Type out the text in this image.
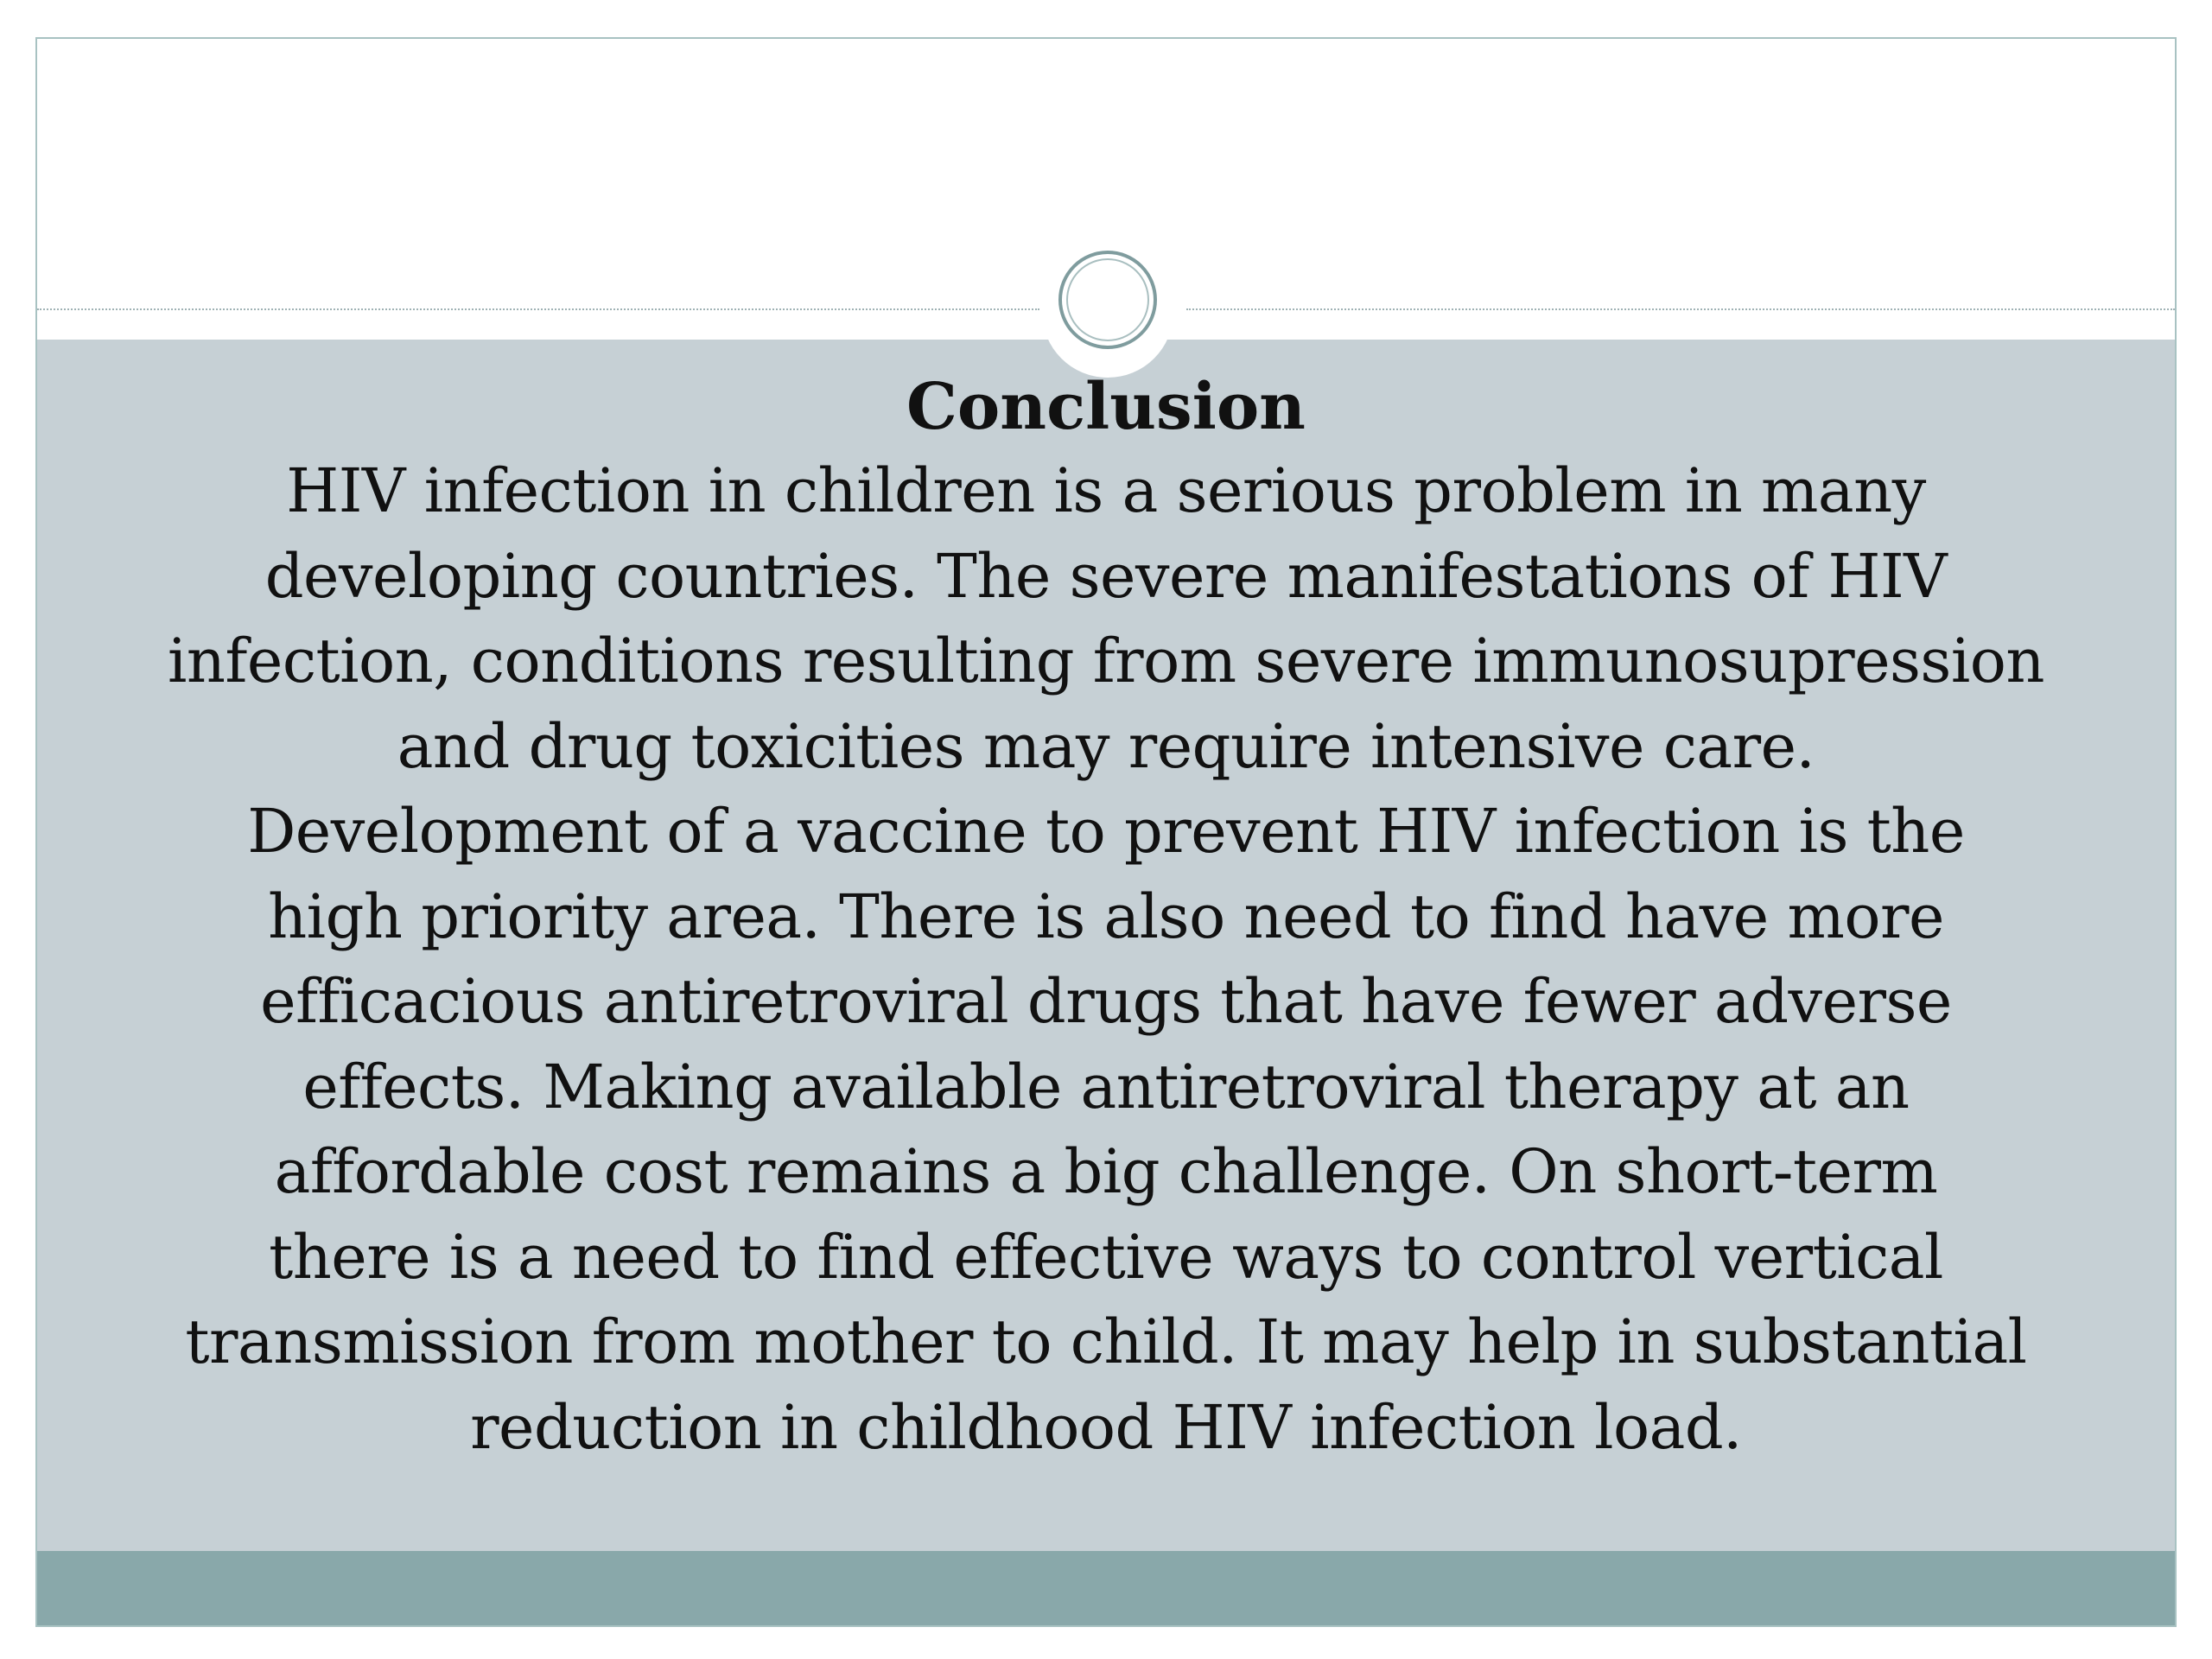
Conclusion

HIV infection in children is a serious problem in many
developing countries. The severe manifestations of HIV
infection, conditions resulting from severe immunosupression
and drug toxicities may require intensive care.
Development of a vaccine to prevent HIV infection is the
high priority area. There is also need to find have more
efficacious antiretroviral drugs that have fewer adverse
effects. Making available antiretroviral therapy at an
affordable cost remains a big challenge. On short-term
there is a need to find effective ways to control vertical
transmission from mother to child. It may help in substantial
reduction in childhood HIV infection load.
